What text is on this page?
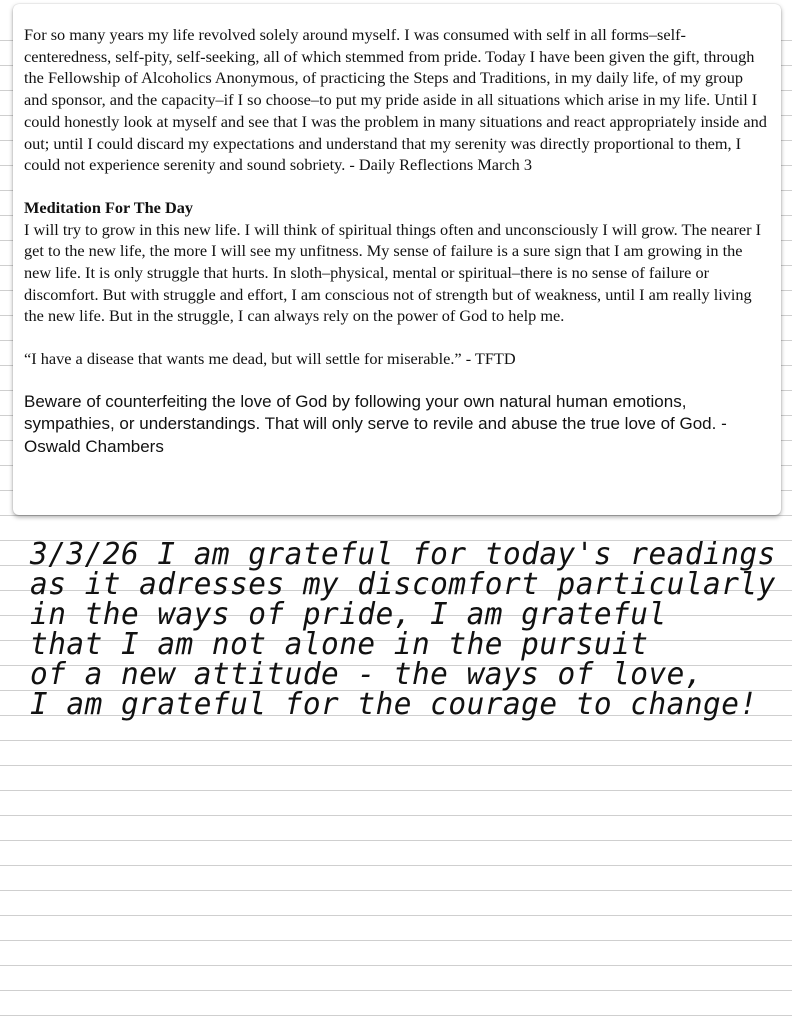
For so many years my life revolved solely around myself. I was consumed with self in all forms–self-centeredness, self-pity, self-seeking, all of which stemmed from pride. Today I have been given the gift, through the Fellowship of Alcoholics Anonymous, of practicing the Steps and Traditions, in my daily life, of my group and sponsor, and the capacity–if I so choose–to put my pride aside in all situations which arise in my life. Until I could honestly look at myself and see that I was the problem in many situations and react appropriately inside and out; until I could discard my expectations and understand that my serenity was directly proportional to them, I could not experience serenity and sound sobriety. - Daily Reflections March 3

Meditation For The Day

I will try to grow in this new life. I will think of spiritual things often and unconsciously I will grow. The nearer I get to the new life, the more I will see my unfitness. My sense of failure is a sure sign that I am growing in the new life. It is only struggle that hurts. In sloth–physical, mental or spiritual–there is no sense of failure or discomfort. But with struggle and effort, I am conscious not of strength but of weakness, until I am really living the new life. But in the struggle, I can always rely on the power of God to help me.

“I have a disease that wants me dead, but will settle for miserable.” - TFTD

Beware of counterfeiting the love of God by following your own natural human emotions, sympathies, or understandings. That will only serve to revile and abuse the true love of God. - Oswald Chambers

3/3/26 I am grateful for today's readings
as it adresses my discomfort particularly
in the ways of pride, I am grateful
that I am not alone in the pursuit
of a new attitude - the ways of love,
I am grateful for the courage to change!
